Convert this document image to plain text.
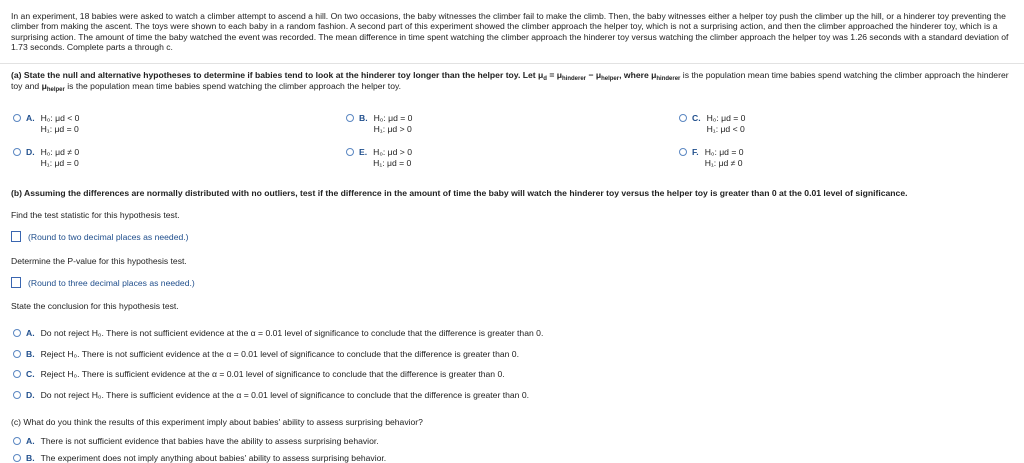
In an experiment, 18 babies were asked to watch a climber attempt to ascend a hill. On two occasions, the baby witnesses the climber fail to make the climb. Then, the baby witnesses either a helper toy push the climber up the hill, or a hinderer toy preventing the climber from making the ascent. The toys were shown to each baby in a random fashion. A second part of this experiment showed the climber approach the helper toy, which is not a surprising action, and then the climber approached the hinderer toy, which is a surprising action. The amount of time the baby watched the event was recorded. The mean difference in time spent watching the climber approach the hinderer toy versus watching the climber approach the helper toy was 1.26 seconds with a standard deviation of 1.73 seconds. Complete parts a through c.
(a) State the null and alternative hypotheses to determine if babies tend to look at the hinderer toy longer than the helper toy. Let $\mu_d = \mu_{hinderer} - \mu_{helper}$, where $\mu_{hinderer}$ is the population mean time babies spend watching the climber approach the hinderer toy and $\mu_{helper}$ is the population mean time babies spend watching the climber approach the helper toy.
A. H₀: μd < 0
H₁: μd = 0
B. H₀: μd = 0
H₁: μd > 0
C. H₀: μd = 0
H₁: μd < 0
D. H₀: μd ≠ 0
H₁: μd = 0
E. H₀: μd > 0
H₁: μd = 0
F. H₀: μd = 0
H₁: μd ≠ 0
(b) Assuming the differences are normally distributed with no outliers, test if the difference in the amount of time the baby will watch the hinderer toy versus the helper toy is greater than 0 at the 0.01 level of significance.
Find the test statistic for this hypothesis test.
(Round to two decimal places as needed.)
Determine the P-value for this hypothesis test.
(Round to three decimal places as needed.)
State the conclusion for this hypothesis test.
A. Do not reject H₀. There is not sufficient evidence at the α = 0.01 level of significance to conclude that the difference is greater than 0.
B. Reject H₀. There is not sufficient evidence at the α = 0.01 level of significance to conclude that the difference is greater than 0.
C. Reject H₀. There is sufficient evidence at the α = 0.01 level of significance to conclude that the difference is greater than 0.
D. Do not reject H₀. There is sufficient evidence at the α = 0.01 level of significance to conclude that the difference is greater than 0.
(c) What do you think the results of this experiment imply about babies' ability to assess surprising behavior?
A. There is not sufficient evidence that babies have the ability to assess surprising behavior.
B. The experiment does not imply anything about babies' ability to assess surprising behavior.
